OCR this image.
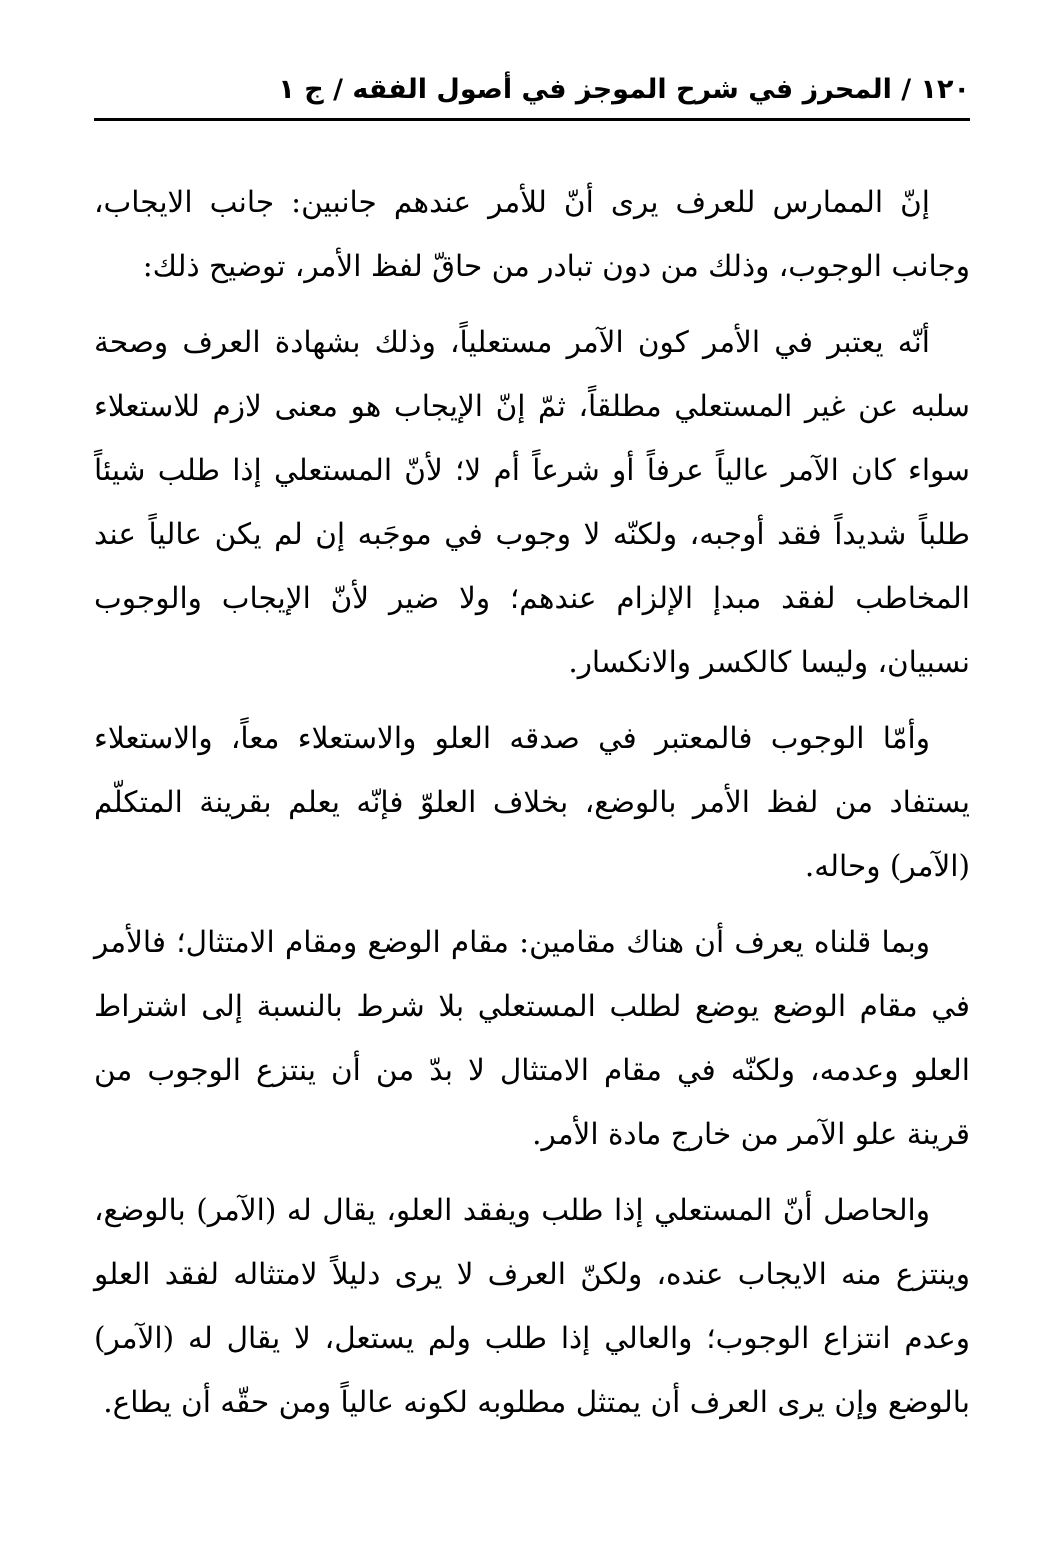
١٢٠ / المحرز في شرح الموجز في أصول الفقه / ج ١

إنّ الممارس للعرف يرى أنّ للأمر عندهم جانبين: جانب الايجاب، وجانب الوجوب، وذلك من دون تبادر من حاقّ لفظ الأمر، توضيح ذلك:

أنّه يعتبر في الأمر كون الآمر مستعلياً، وذلك بشهادة العرف وصحة سلبه عن غير المستعلي مطلقاً، ثمّ إنّ الإيجاب هو معنى لازم للاستعلاء سواء كان الآمر عالياً عرفاً أو شرعاً أم لا؛ لأنّ المستعلي إذا طلب شيئاً طلباً شديداً فقد أوجبه، ولكنّه لا وجوب في موجَبه إن لم يكن عالياً عند المخاطب لفقد مبدإ الإلزام عندهم؛ ولا ضير لأنّ الإيجاب والوجوب نسبيان، وليسا كالكسر والانكسار.

وأمّا الوجوب فالمعتبر في صدقه العلو والاستعلاء معاً، والاستعلاء يستفاد من لفظ الأمر بالوضع، بخلاف العلوّ فإنّه يعلم بقرينة المتكلّم (الآمر) وحاله.

وبما قلناه يعرف أن هناك مقامين: مقام الوضع ومقام الامتثال؛ فالأمر في مقام الوضع يوضع لطلب المستعلي بلا شرط بالنسبة إلى اشتراط العلو وعدمه، ولكنّه في مقام الامتثال لا بدّ من أن ينتزع الوجوب من قرينة علو الآمر من خارج مادة الأمر.

والحاصل أنّ المستعلي إذا طلب ويفقد العلو، يقال له (الآمر) بالوضع، وينتزع منه الايجاب عنده، ولكنّ العرف لا يرى دليلاً لامتثاله لفقد العلو وعدم انتزاع الوجوب؛ والعالي إذا طلب ولم يستعل، لا يقال له (الآمر) بالوضع وإن يرى العرف أن يمتثل مطلوبه لكونه عالياً ومن حقّه أن يطاع.
